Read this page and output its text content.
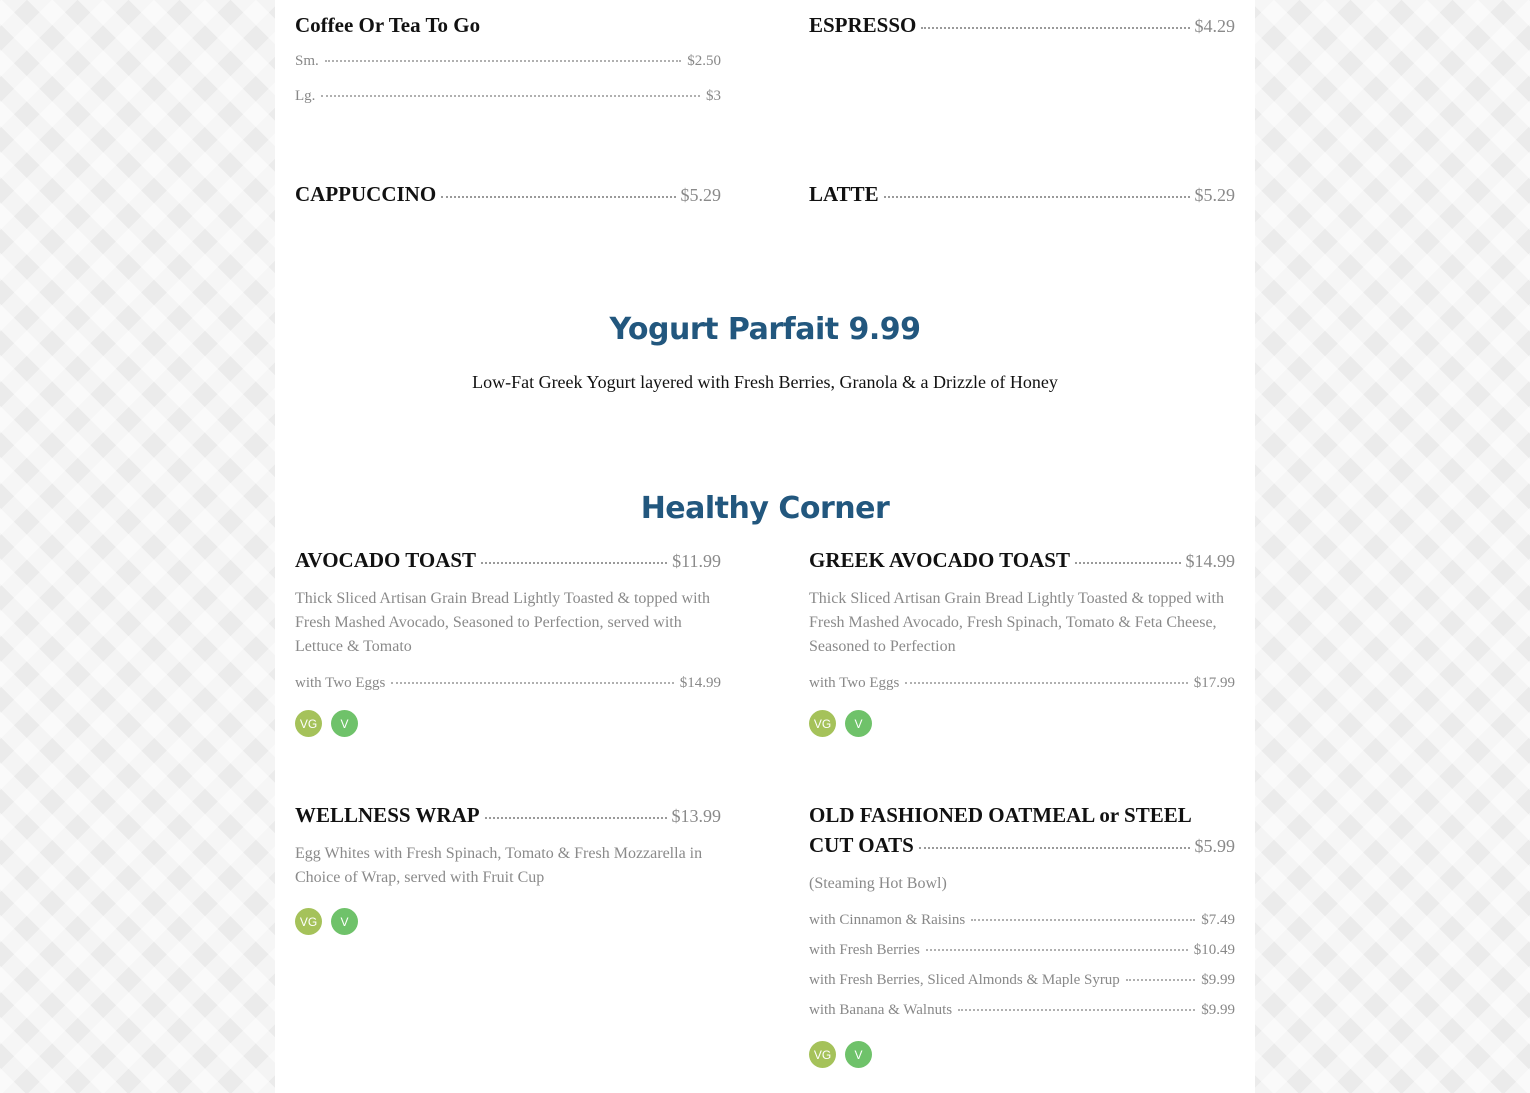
Coffee Or Tea To Go
Sm.	$2.50
Lg.	$3
ESPRESSO	$4.29
CAPPUCCINO	$5.29	LATTE	$5.29
Yogurt Parfait 9.99
Low-Fat Greek Yogurt layered with Fresh Berries, Granola & a Drizzle of Honey
Healthy Corner
AVOCADO TOAST	$11.99
Thick Sliced Artisan Grain Bread Lightly Toasted & topped with Fresh Mashed Avocado, Seasoned to Perfection, served with Lettuce & Tomato
with Two Eggs	$14.99
VG	V
GREEK AVOCADO TOAST	$14.99
Thick Sliced Artisan Grain Bread Lightly Toasted & topped with Fresh Mashed Avocado, Fresh Spinach, Tomato & Feta Cheese, Seasoned to Perfection
with Two Eggs	$17.99
VG	V
WELLNESS WRAP	$13.99
Egg Whites with Fresh Spinach, Tomato & Fresh Mozzarella in Choice of Wrap, served with Fruit Cup
VG	V
OLD FASHIONED OATMEAL or STEEL
CUT OATS	$5.99
(Steaming Hot Bowl)
with Cinnamon & Raisins	$7.49
with Fresh Berries	$10.49
with Fresh Berries, Sliced Almonds & Maple Syrup	$9.99
with Banana & Walnuts	$9.99
VG	V
